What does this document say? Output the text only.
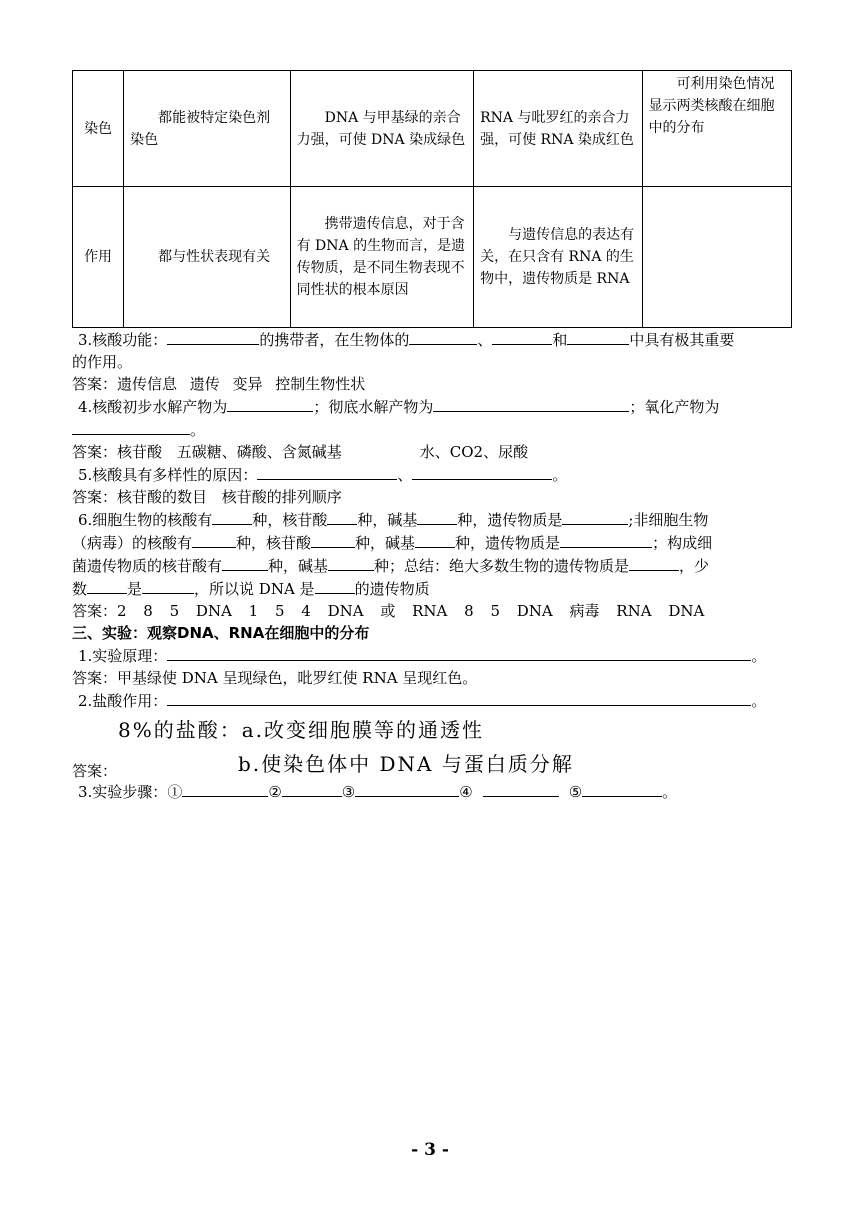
染色	都能被特定染色剂染色	DNA 与甲基绿的亲合力强，可使 DNA 染成绿色	RNA 与吡罗红的亲合力强，可使 RNA 染成红色	可利用染色情况显示两类核酸在细胞中的分布

作用	都与性状表现有关	携带遗传信息，对于含有 DNA 的生物而言，是遗传物质，是不同生物表现不同性状的根本原因	与遗传信息的表达有关，在只含有 RNA 的生物中，遗传物质是 RNA	

3.核酸功能：	的携带者，在生物体的	、	和	中具有极其重要

的作用。

答案：遗传信息 遗传 变异 控制生物性状

4.核酸初步水解产物为	；彻底水解产物为	；氧化产物为

。

答案：核苷酸 五碳糖、磷酸、含氮碱基	水、CO2、尿酸

5.核酸具有多样性的原因：	、	。

答案：核苷酸的数目 核苷酸的排列顺序

6.细胞生物的核酸有	种，核苷酸 种，碱基	种，遗传物质是	;非细胞生物

（病毒）的核酸有	种，核苷酸	种，碱基	种，遗传物质是	；构成细

菌遗传物质的核苷酸有	种，碱基	种；总结：绝大多数生物的遗传物质是	，少

数	是	，所以说 DNA 是	的遗传物质

答案：2 8 5 DNA 1 5 4 DNA 或 RNA 8 5 DNA 病毒 RNA DNA

三、实验：观察DNA、RNA在细胞中的分布

1.实验原理：	。

答案：甲基绿使 DNA 呈现绿色，吡罗红使 RNA 呈现红色。

2.盐酸作用：	。

8%的盐酸：a.改变细胞膜等的通透性
答案：	b.使染色体中 DNA 与蛋白质分解

3.实验步骤：①	②	③	④	⑤	。

- 3 -
